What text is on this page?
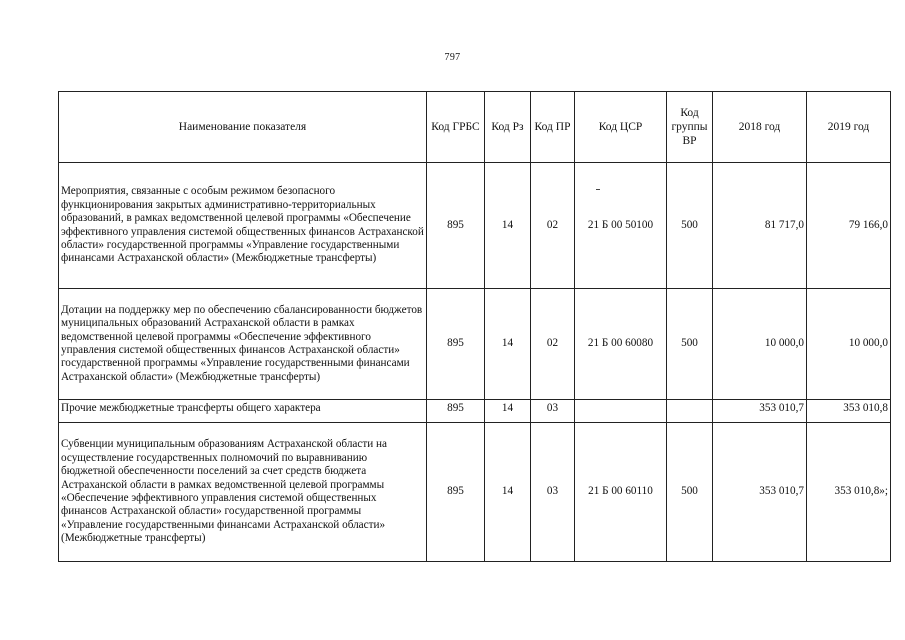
797
Наименование показателя	Код ГРБС	Код Рз	Код ПР	Код ЦСР	Код группы ВР	2018 год	2019 год
Мероприятия, связанные с особым режимом безопасного функционирования закрытых административно-территориальных образований, в рамках ведомственной целевой программы «Обеспечение эффективного управления системой общественных финансов Астраханской области» государственной программы «Управление государственными финансами Астраханской области» (Межбюджетные трансферты)	895	14	02	21 Б 00 50100	500	81 717,0	79 166,0
Дотации на поддержку мер по обеспечению сбалансированности бюджетов муниципальных образований Астраханской области в рамках ведомственной целевой программы «Обеспечение эффективного управления системой общественных финансов Астраханской области» государственной программы «Управление государственными финансами Астраханской области» (Межбюджетные трансферты)	895	14	02	21 Б 00 60080	500	10 000,0	10 000,0
Прочие межбюджетные трансферты общего характера	895	14	03			353 010,7	353 010,8
Субвенции муниципальным образованиям Астраханской области на осуществление государственных полномочий по выравниванию бюджетной обеспеченности поселений за счет средств бюджета Астраханской области в рамках ведомственной целевой программы «Обеспечение эффективного управления системой общественных финансов Астраханской области» государственной программы «Управление государственными финансами Астраханской области» (Межбюджетные трансферты)	895	14	03	21 Б 00 60110	500	353 010,7	353 010,8»;
